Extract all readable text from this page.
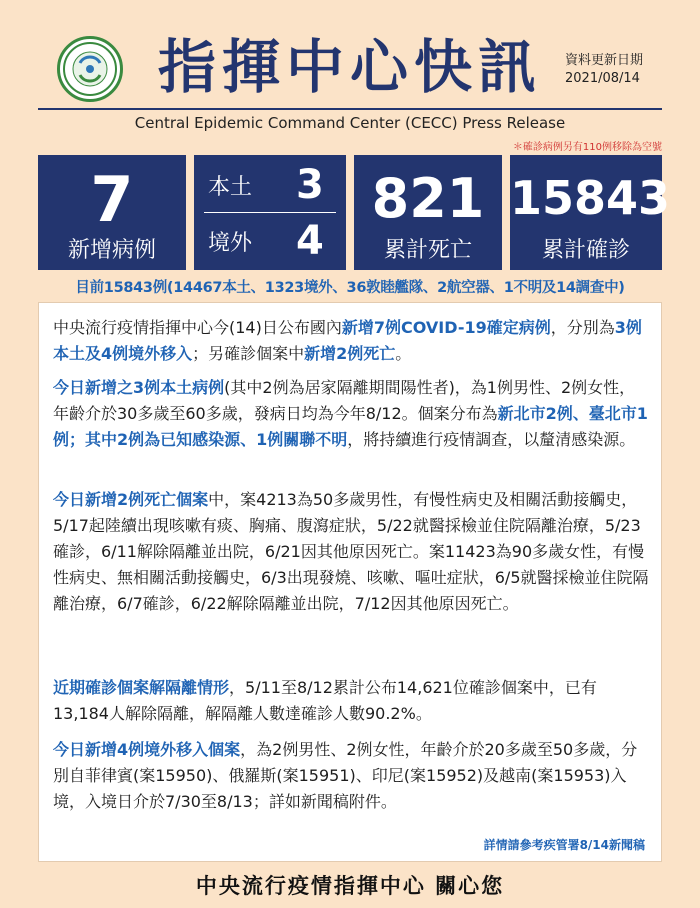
指揮中心快訊	資料更新日期
2021/08/14
Central Epidemic Command Center (CECC) Press Release
＊確診病例另有110例移除為空號
7
新增病例
本土	3
境外	4
821
累計死亡
15843
累計確診
目前15843例(14467本土、1323境外、36敦睦艦隊、2航空器、1不明及14調查中)
中央流行疫情指揮中心今(14)日公布國內新增7例COVID-19確定病例，分別為3例本土及4例境外移入；另確診個案中新增2例死亡。
今日新增之3例本土病例(其中2例為居家隔離期間陽性者)，為1例男性、2例女性，年齡介於30多歲至60多歲，發病日均為今年8/12。個案分布為新北市2例、臺北市1例；其中2例為已知感染源、1例關聯不明，將持續進行疫情調查，以釐清感染源。
今日新增2例死亡個案中，案4213為50多歲男性，有慢性病史及相關活動接觸史，5/17起陸續出現咳嗽有痰、胸痛、腹瀉症狀，5/22就醫採檢並住院隔離治療，5/23確診，6/11解除隔離並出院，6/21因其他原因死亡。案11423為90多歲女性，有慢性病史、無相關活動接觸史，6/3出現發燒、咳嗽、嘔吐症狀，6/5就醫採檢並住院隔離治療，6/7確診，6/22解除隔離並出院，7/12因其他原因死亡。
近期確診個案解隔離情形，5/11至8/12累計公布14,621位確診個案中，已有13,184人解除隔離，解隔離人數達確診人數90.2%。
今日新增4例境外移入個案，為2例男性、2例女性，年齡介於20多歲至50多歲，分別自菲律賓(案15950)、俄羅斯(案15951)、印尼(案15952)及越南(案15953)入境，入境日介於7/30至8/13；詳如新聞稿附件。
詳情請參考疾管署8/14新聞稿
中央流行疫情指揮中心 關心您
